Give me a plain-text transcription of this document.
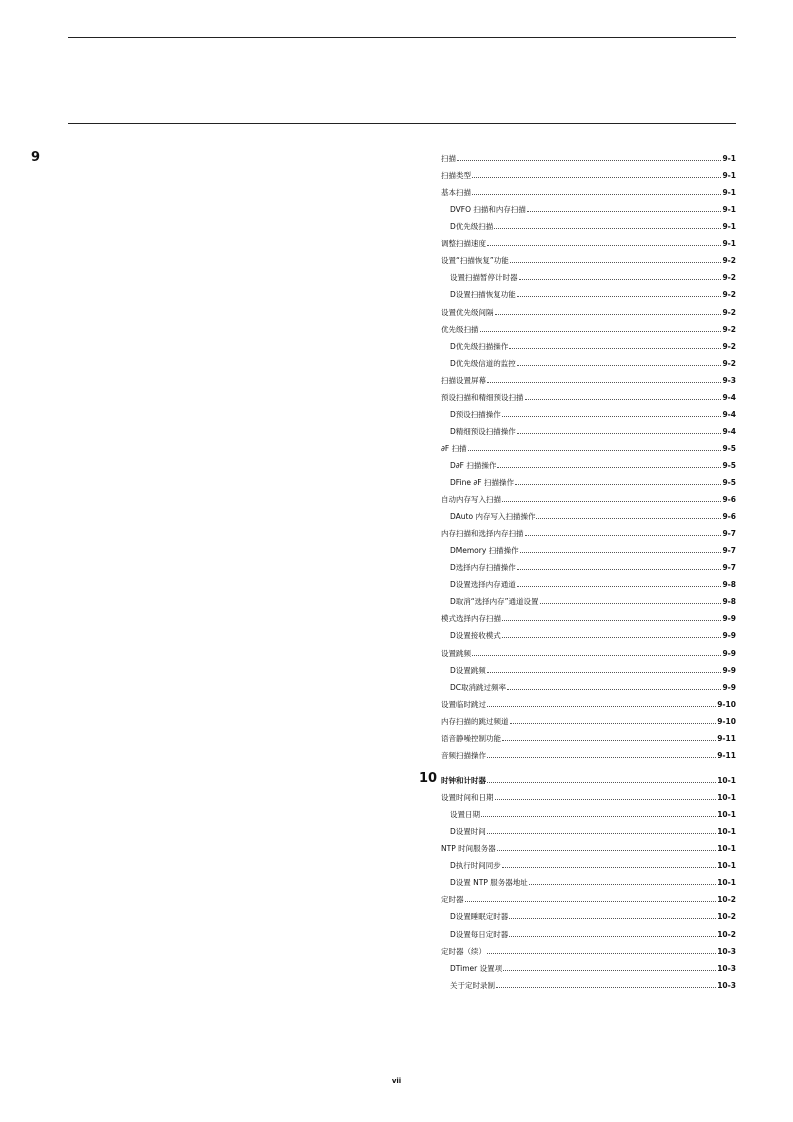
9
10
扫描	9-1
扫描类型	9-1
基本扫描	9-1
DVFO 扫描和内存扫描	9-1
D优先级扫描	9-1
调整扫描速度	9-1
设置“扫描恢复”功能	9-2
设置扫描暂停计时器	9-2
D设置扫描恢复功能	9-2
设置优先级间隔	9-2
优先级扫描	9-2
D优先级扫描操作	9-2
D优先级信道的监控	9-2
扫描设置屏幕	9-3
预设扫描和精细预设扫描	9-4
D预设扫描操作	9-4
D精细预设扫描操作	9-4
∂F 扫描	9-5
D∂F 扫描操作	9-5
DFine ∂F 扫描操作	9-5
自动内存写入扫描	9-6
DAuto 内存写入扫描操作	9-6
内存扫描和选择内存扫描	9-7
DMemory 扫描操作	9-7
D选择内存扫描操作	9-7
D设置选择内存通道	9-8
D取消“选择内存”通道设置	9-8
模式选择内存扫描	9-9
D设置接收模式	9-9
设置跳频	9-9
D设置跳频	9-9
DC取消跳过频率	9-9
设置临时跳过	9-10
内存扫描的跳过频道	9-10
语音静噪控制功能	9-11
音频扫描操作	9-11
时钟和计时器	10-1
设置时间和日期	10-1
设置日期	10-1
D设置时间	10-1
NTP 时间服务器	10-1
D执行时间同步	10-1
D设置 NTP 服务器地址	10-1
定时器	10-2
D设置睡眠定时器	10-2
D设置每日定时器	10-2
定时器（续）	10-3
DTimer 设置项	10-3
关于定时录制	10-3
vii
